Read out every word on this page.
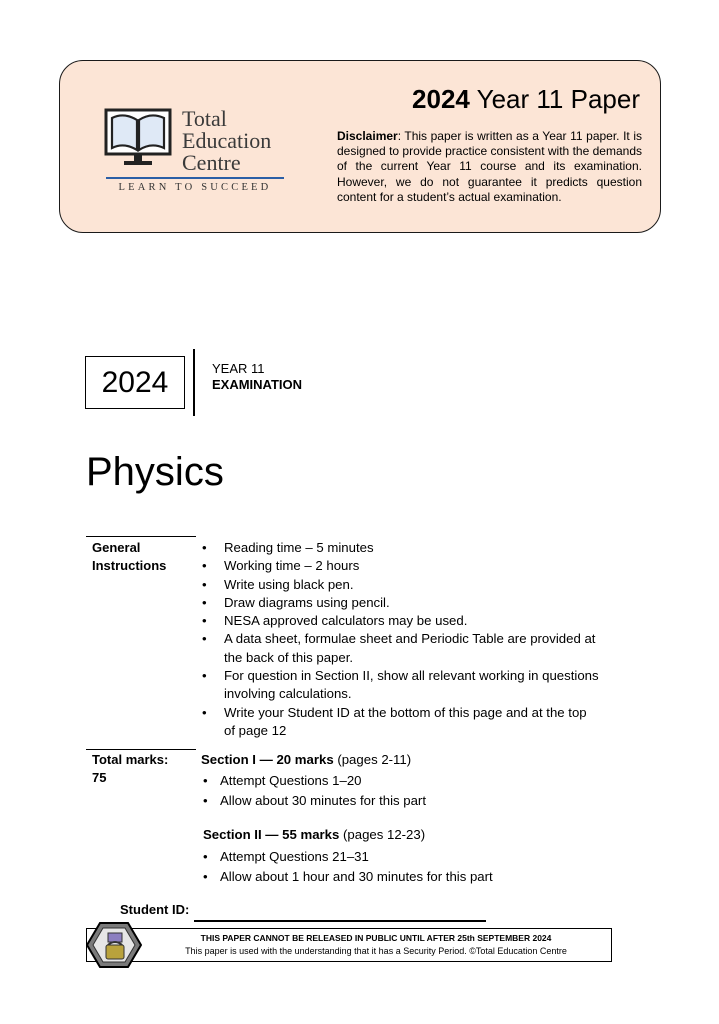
Total
Education
Centre
LEARN TO SUCCEED
2024 Year 11 Paper
Disclaimer: This paper is written as a Year 11 paper. It is designed to provide practice consistent with the demands of the current Year 11 course and its examination. However, we do not guarantee it predicts question content for a student’s actual examination.
2024	YEAR 11
EXAMINATION
Physics
General
Instructions
• Reading time – 5 minutes
• Working time – 2 hours
• Write using black pen.
• Draw diagrams using pencil.
• NESA approved calculators may be used.
• A data sheet, formulae sheet and Periodic Table are provided at the back of this paper.
• For question in Section II, show all relevant working in questions involving calculations.
• Write your Student ID at the bottom of this page and at the top of page 12
Total marks:
75
Section I — 20 marks (pages 2-11)
• Attempt Questions 1–20
• Allow about 30 minutes for this part
Section II — 55 marks (pages 12-23)
• Attempt Questions 21–31
• Allow about 1 hour and 30 minutes for this part
Student ID:
THIS PAPER CANNOT BE RELEASED IN PUBLIC UNTIL AFTER 25th SEPTEMBER 2024
This paper is used with the understanding that it has a Security Period. ©Total Education Centre
